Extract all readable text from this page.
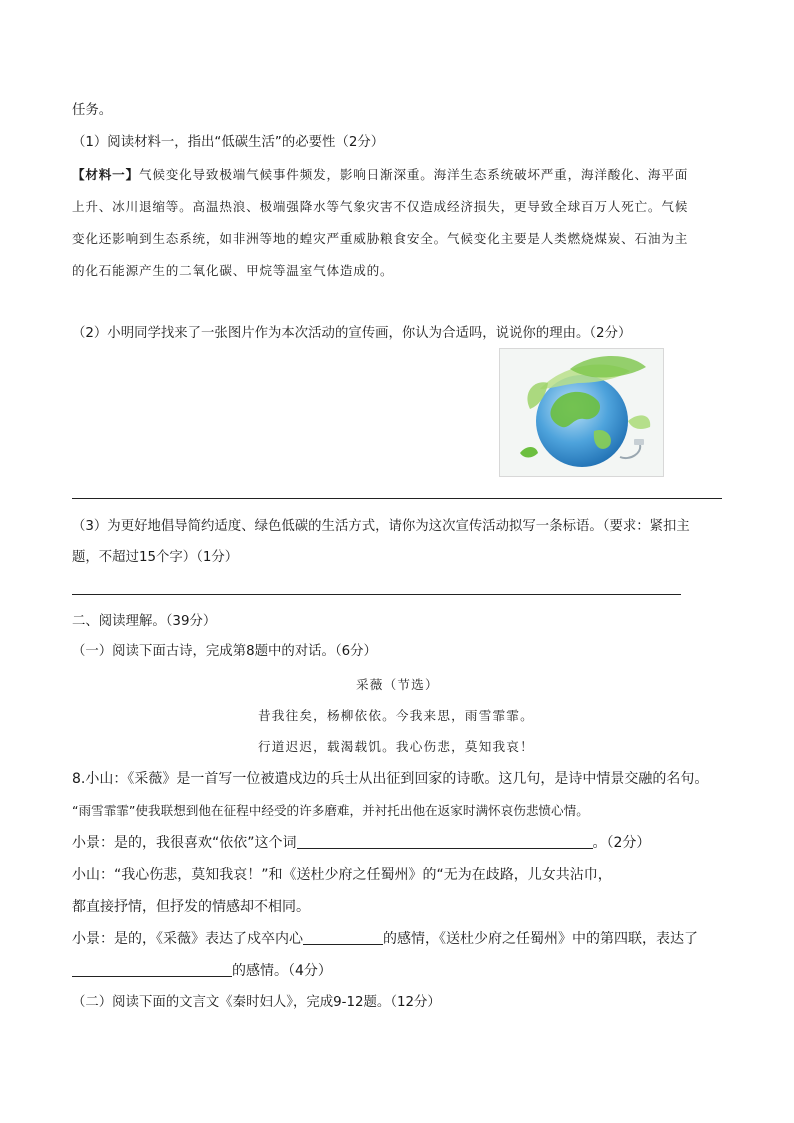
任务。
（1）阅读材料一，指出“低碳生活”的必要性（2分）
【材料一】气候变化导致极端气候事件频发，影响日渐深重。海洋生态系统破坏严重，海洋酸化、海平面
上升、冰川退缩等。高温热浪、极端强降水等气象灾害不仅造成经济损失，更导致全球百万人死亡。气候
变化还影响到生态系统，如非洲等地的蝗灾严重威胁粮食安全。气候变化主要是人类燃烧煤炭、石油为主
的化石能源产生的二氧化碳、甲烷等温室气体造成的。
（2）小明同学找来了一张图片作为本次活动的宣传画，你认为合适吗，说说你的理由。（2分）
（3）为更好地倡导简约适度、绿色低碳的生活方式，请你为这次宣传活动拟写一条标语。（要求：紧扣主
题，不超过15个字）（1分）
二、阅读理解。（39分）
（一）阅读下面古诗，完成第8题中的对话。（6分）
采薇（节选）
昔我往矣，杨柳依依。今我来思，雨雪霏霏。
行道迟迟，载渴载饥。我心伤悲，莫知我哀！
8.小山：《采薇》是一首写一位被遣戍边的兵士从出征到回家的诗歌。这几句，是诗中情景交融的名句。
“雨雪霏霏”使我联想到他在征程中经受的许多磨难，并衬托出他在返家时满怀哀伤悲愤心情。
小景：是的，我很喜欢“依依”这个词	。（2分）
小山：“我心伤悲，莫知我哀！”和《送杜少府之任蜀州》的“无为在歧路，儿女共沾巾，
都直接抒情，但抒发的情感却不相同。
小景：是的，《采薇》表达了戍卒内心	的感情，《送杜少府之任蜀州》中的第四联，表达了
的感情。（4分）
（二）阅读下面的文言文《秦时妇人》，完成9-12题。（12分）
